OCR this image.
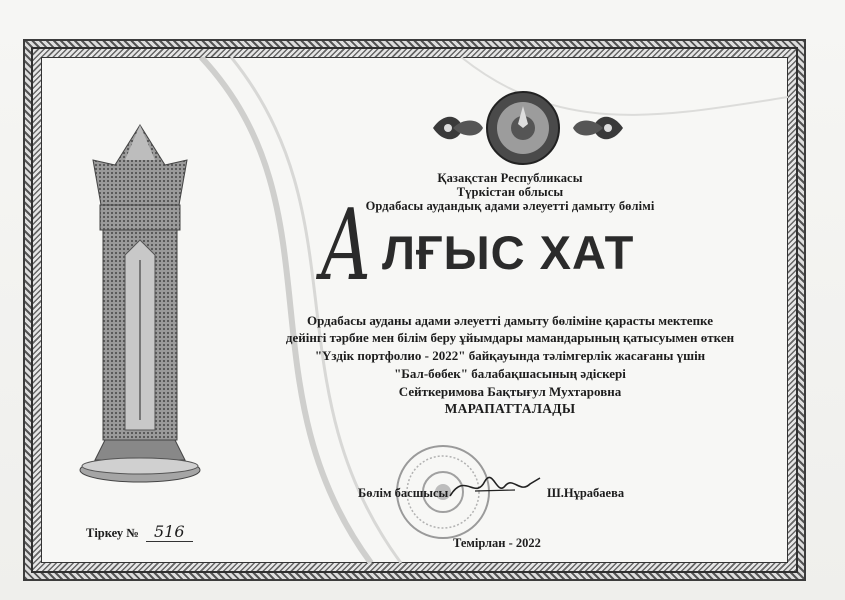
Қазақстан Республикасы
Түркістан облысы
Ордабасы аудандық адами әлеуетті дамыту бөлімі
А ЛҒЫС ХАТ
Ордабасы ауданы адами әлеуетті дамыту бөліміне қарасты мектепке
дейінгі тәрбие мен білім беру ұйымдары мамандарының қатысуымен өткен
"Үздік портфолио - 2022" байқауында тәлімгерлік жасағаны үшін
"Бал-бөбек" балабақшасының әдіскері
Сейткеримова Бақтығул Мухтаровна
МАРАПАТТАЛАДЫ
Бөлім басшысы	Ш.Нұрабаева
Тіркеу № 516
Темірлан - 2022
